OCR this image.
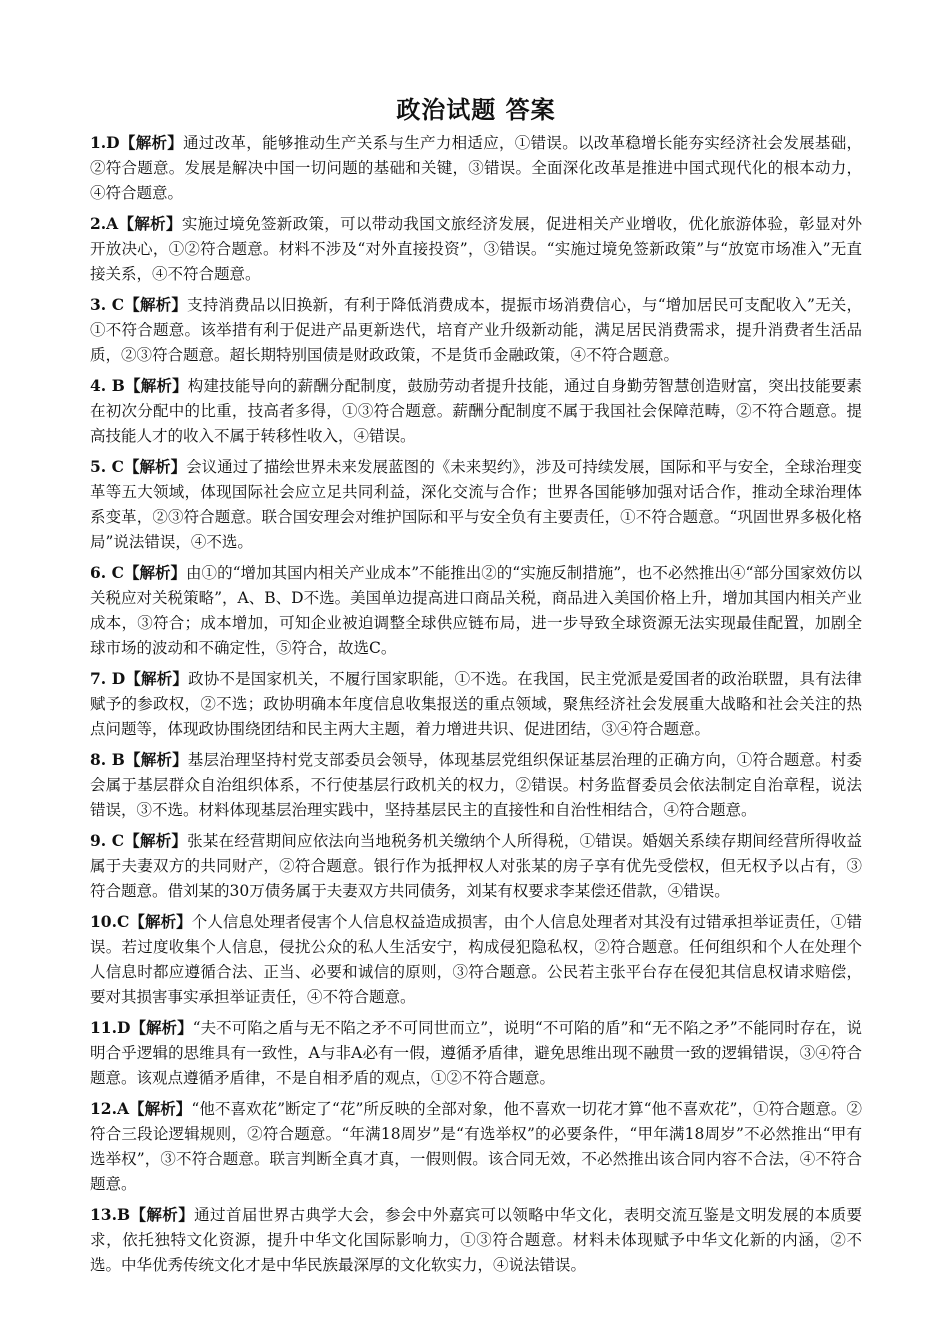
政治试题 答案
1.D【解析】通过改革，能够推动生产关系与生产力相适应，①错误。以改革稳增长能夯实经济社会发展基础，②符合题意。发展是解决中国一切问题的基础和关键，③错误。全面深化改革是推进中国式现代化的根本动力，④符合题意。
2.A【解析】实施过境免签新政策，可以带动我国文旅经济发展，促进相关产业增收，优化旅游体验，彰显对外开放决心，①②符合题意。材料不涉及“对外直接投资”，③错误。“实施过境免签新政策”与“放宽市场准入”无直接关系，④不符合题意。
3. C【解析】支持消费品以旧换新，有利于降低消费成本，提振市场消费信心，与“增加居民可支配收入”无关，①不符合题意。该举措有利于促进产品更新迭代，培育产业升级新动能，满足居民消费需求，提升消费者生活品质，②③符合题意。超长期特别国债是财政政策，不是货币金融政策，④不符合题意。
4. B【解析】构建技能导向的薪酬分配制度，鼓励劳动者提升技能，通过自身勤劳智慧创造财富，突出技能要素在初次分配中的比重，技高者多得，①③符合题意。薪酬分配制度不属于我国社会保障范畴，②不符合题意。提高技能人才的收入不属于转移性收入，④错误。
5. C【解析】会议通过了描绘世界未来发展蓝图的《未来契约》，涉及可持续发展，国际和平与安全，全球治理变革等五大领域，体现国际社会应立足共同利益，深化交流与合作；世界各国能够加强对话合作，推动全球治理体系变革，②③符合题意。联合国安理会对维护国际和平与安全负有主要责任，①不符合题意。“巩固世界多极化格局”说法错误，④不选。
6. C【解析】由①的“增加其国内相关产业成本”不能推出②的“实施反制措施”，也不必然推出④“部分国家效仿以关税应对关税策略”，A、B、D不选。美国单边提高进口商品关税，商品进入美国价格上升，增加其国内相关产业成本，③符合；成本增加，可知企业被迫调整全球供应链布局，进一步导致全球资源无法实现最佳配置，加剧全球市场的波动和不确定性，⑤符合，故选C。
7. D【解析】政协不是国家机关，不履行国家职能，①不选。在我国，民主党派是爱国者的政治联盟，具有法律赋予的参政权，②不选；政协明确本年度信息收集报送的重点领域，聚焦经济社会发展重大战略和社会关注的热点问题等，体现政协围绕团结和民主两大主题，着力增进共识、促进团结，③④符合题意。
8. B【解析】基层治理坚持村党支部委员会领导，体现基层党组织保证基层治理的正确方向，①符合题意。村委会属于基层群众自治组织体系，不行使基层行政机关的权力，②错误。村务监督委员会依法制定自治章程，说法错误，③不选。材料体现基层治理实践中，坚持基层民主的直接性和自治性相结合，④符合题意。
9. C【解析】张某在经营期间应依法向当地税务机关缴纳个人所得税，①错误。婚姻关系续存期间经营所得收益属于夫妻双方的共同财产，②符合题意。银行作为抵押权人对张某的房子享有优先受偿权，但无权予以占有，③符合题意。借刘某的30万债务属于夫妻双方共同债务，刘某有权要求李某偿还借款，④错误。
10.C【解析】个人信息处理者侵害个人信息权益造成损害，由个人信息处理者对其没有过错承担举证责任，①错误。若过度收集个人信息，侵扰公众的私人生活安宁，构成侵犯隐私权，②符合题意。任何组织和个人在处理个人信息时都应遵循合法、正当、必要和诚信的原则，③符合题意。公民若主张平台存在侵犯其信息权请求赔偿，要对其损害事实承担举证责任，④不符合题意。
11.D【解析】“夫不可陷之盾与无不陷之矛不可同世而立”，说明“不可陷的盾”和“无不陷之矛”不能同时存在，说明合乎逻辑的思维具有一致性，A与非A必有一假，遵循矛盾律，避免思维出现不融贯一致的逻辑错误，③④符合题意。该观点遵循矛盾律，不是自相矛盾的观点，①②不符合题意。
12.A【解析】“他不喜欢花”断定了“花”所反映的全部对象，他不喜欢一切花才算“他不喜欢花”，①符合题意。②符合三段论逻辑规则，②符合题意。“年满18周岁”是“有选举权”的必要条件，“甲年满18周岁”不必然推出“甲有选举权”，③不符合题意。联言判断全真才真，一假则假。该合同无效，不必然推出该合同内容不合法，④不符合题意。
13.B【解析】通过首届世界古典学大会，参会中外嘉宾可以领略中华文化，表明交流互鉴是文明发展的本质要求，依托独特文化资源，提升中华文化国际影响力，①③符合题意。材料未体现赋予中华文化新的内涵，②不选。中华优秀传统文化才是中华民族最深厚的文化软实力，④说法错误。
